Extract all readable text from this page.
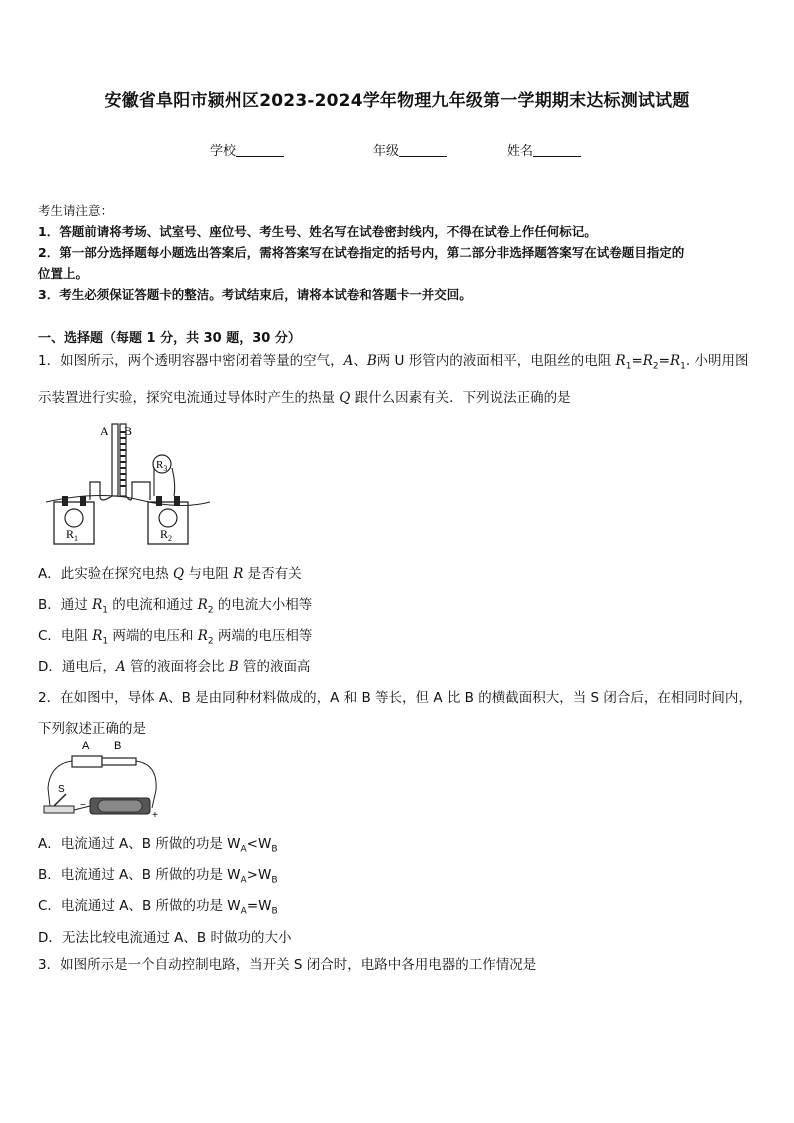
安徽省阜阳市颍州区2023-2024学年物理九年级第一学期期末达标测试试题
学校	年级	姓名
考生请注意：

1．答题前请将考场、试室号、座位号、考生号、姓名写在试卷密封线内，不得在试卷上作任何标记。

2．第一部分选择题每小题选出答案后，需将答案写在试卷指定的括号内，第二部分非选择题答案写在试卷题目指定的

位置上。

3．考生必须保证答题卡的整洁。考试结束后，请将本试卷和答题卡一并交回。

一、选择题（每题 1 分，共 30 题，30 分）
1．如图所示，两个透明容器中密闭着等量的空气，A、B两 U 形管内的液面相平，电阻丝的电阻 $R_1=R_2=R_1$. 小明用图
示装置进行实验，探究电流通过导体时产生的热量 Q 跟什么因素有关．下列说法正确的是
A B
$R_3$
$R_1$	$R_2$
A．此实验在探究电热 Q 与电阻 R 是否有关
B．通过 $R_1$ 的电流和通过 $R_2$ 的电流大小相等
C．电阻 $R_1$ 两端的电压和 $R_2$ 两端的电压相等
D．通电后，A 管的液面将会比 B 管的液面高
2．在如图中，导体 A、B 是由同种材料做成的，A 和 B 等长，但 A 比 B 的横截面积大，当 S 闭合后，在相同时间内，
下列叙述正确的是
A B
S
−
+
A．电流通过 A、B 所做的功是 $W_A<W_B$
B．电流通过 A、B 所做的功是 $W_A>W_B$
C．电流通过 A、B 所做的功是 $W_A=W_B$
D．无法比较电流通过 A、B 时做功的大小
3．如图所示是一个自动控制电路，当开关 S 闭合时，电路中各用电器的工作情况是
